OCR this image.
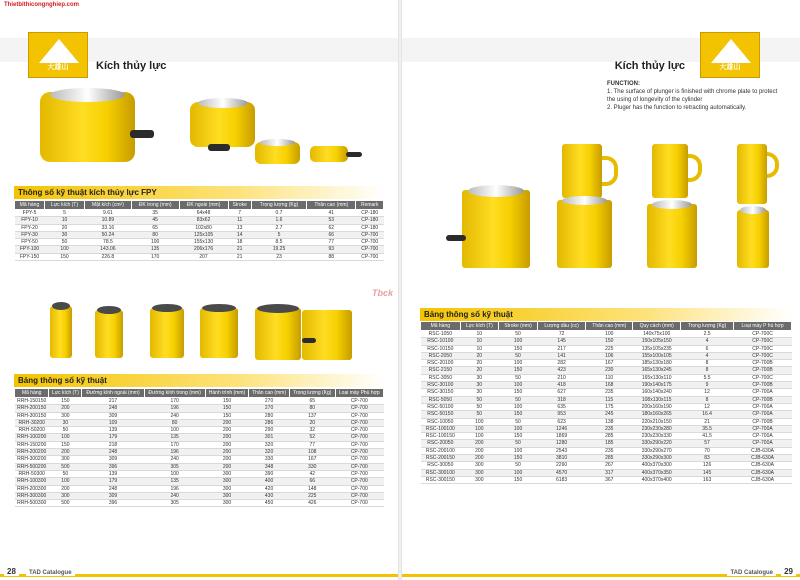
Thietbithicongnghiep.com
大雄山	Kích thủy lực
Thông số kỹ thuật kích thủy lực FPY
Mã hàng	Lực kích (T)	Mặt kích (cm²)	ĐK trong (mm)	ĐK ngoài (mm)	Stroke	Trọng lượng (Kg)	Thân cao (mm)	Remark
FPY-5	5	9.61	35	64x48	7	0.7	41	CP-180
FPY-10	10	10.89	45	83x62	11	1.6	53	CP-180
FPY-20	20	33.16	65	102x80	13	2.7	62	CP-180
FPY-30	30	50.24	80	125x105	14	5	66	CP-700
FPY-50	50	78.5	100	155x130	18	8.5	77	CP-700
FPY-100	100	143.06	135	206x176	21	19.25	93	CP-700
FPY-150	150	226.8	170	207	21	23	88	CP-700
Bảng thông số kỹ thuật
Mã hàng	Lực kích (T)	Đường kính ngoài (mm)	Đường kính trong (mm)	Hành trình (mm)	Thân cao (mm)	Trọng lượng (Kg)	Loại máy Phù hợp
RRH-150150	150	217	170	150	270	65	CP-700
RRH-200150	200	248	196	150	270	80	CP-700
RRH-300150	300	309	240	150	280	137	CP-700
RRH-30200	30	109	80	200	286	20	CP-700
RRH-50200	50	139	100	200	290	32	CP-700
RRH-100200	100	179	135	200	301	52	CP-700
RRH-150200	150	218	170	200	320	77	CP-700
RRH-200200	200	248	196	200	320	108	CP-700
RRH-300200	300	309	240	200	330	167	CP-700
RRH-500200	500	396	305	200	348	330	CP-700
RRH-50300	50	139	100	300	390	42	CP-700
RRH-100300	100	179	135	300	400	66	CP-700
RRH-200300	200	248	196	300	420	148	CP-700
RRH-300300	300	309	240	300	430	225	CP-700
RRH-500300	500	396	305	300	450	426	CP-700
28	TAD Catalogue
大雄山
Kích thủy lực
FUNCTION:
1. The surface of plunger is finished with chrome plate to protect the using of longevity of the cylinder
2. Pluger has the function to retracting automatically.
Bảng thông số kỹ thuật
Mã hàng	Lực kích (T)	Stroke (mm)	Lượng dầu (cc)	Thân cao (mm)	Quy cách (mm)	Trọng lượng (Kg)	Loại máy P hù hợp
RSC-1050	10	50	72	100	140x75x100	2.5	CP-700C
RSC-10100	10	100	145	150	150x105x150	4	CP-700C
RSC-10150	10	150	217	225	135x105x235	6	CP-700C
RSC-2050	20	50	141	106	155x100x105	4	CP-700C
RSC-20100	20	100	282	167	185x130x180	8	CP-700B
RSC-2150	20	150	423	230	165x130x245	8	CP-700B
RSC-3050	30	50	210	110	165x130x110	5.5	CP-700C
RSC-30100	30	100	418	168	190x140x175	9	CP-700B
RSC-30150	30	150	627	235	160x140x240	12	CP-700A
RSC-5050	50	50	318	115	108x130x115	8	CP-700B
RSC-50100	50	100	635	175	200x160x190	12	CP-700A
RSC-50150	50	150	953	245	180x160x265	16.4	CP-700A
RSC-10050	100	50	623	138	220x210x150	21	CP-700B
RSC-100100	100	100	1246	235	230x230x280	35.5	CP-700A
RSC-100150	100	150	1869	285	230x230x330	41.5	CP-700A
RSC-20050	200	50	1280	185	330x290x220	57	CP-700A
RSC-200100	200	100	2543	235	330x290x270	70	CJB-630A
RSC-200150	200	150	3810	285	330x290x300	83	CJB-630A
RSC-30050	300	50	2260	267	400x370x300	126	CJB-630A
RSC-300100	300	100	4570	317	400x370x350	145	CJB-630A
RSC-300150	300	150	6183	367	400x370x400	163	CJB-630A
TAD Catalogue	29
Tbck
